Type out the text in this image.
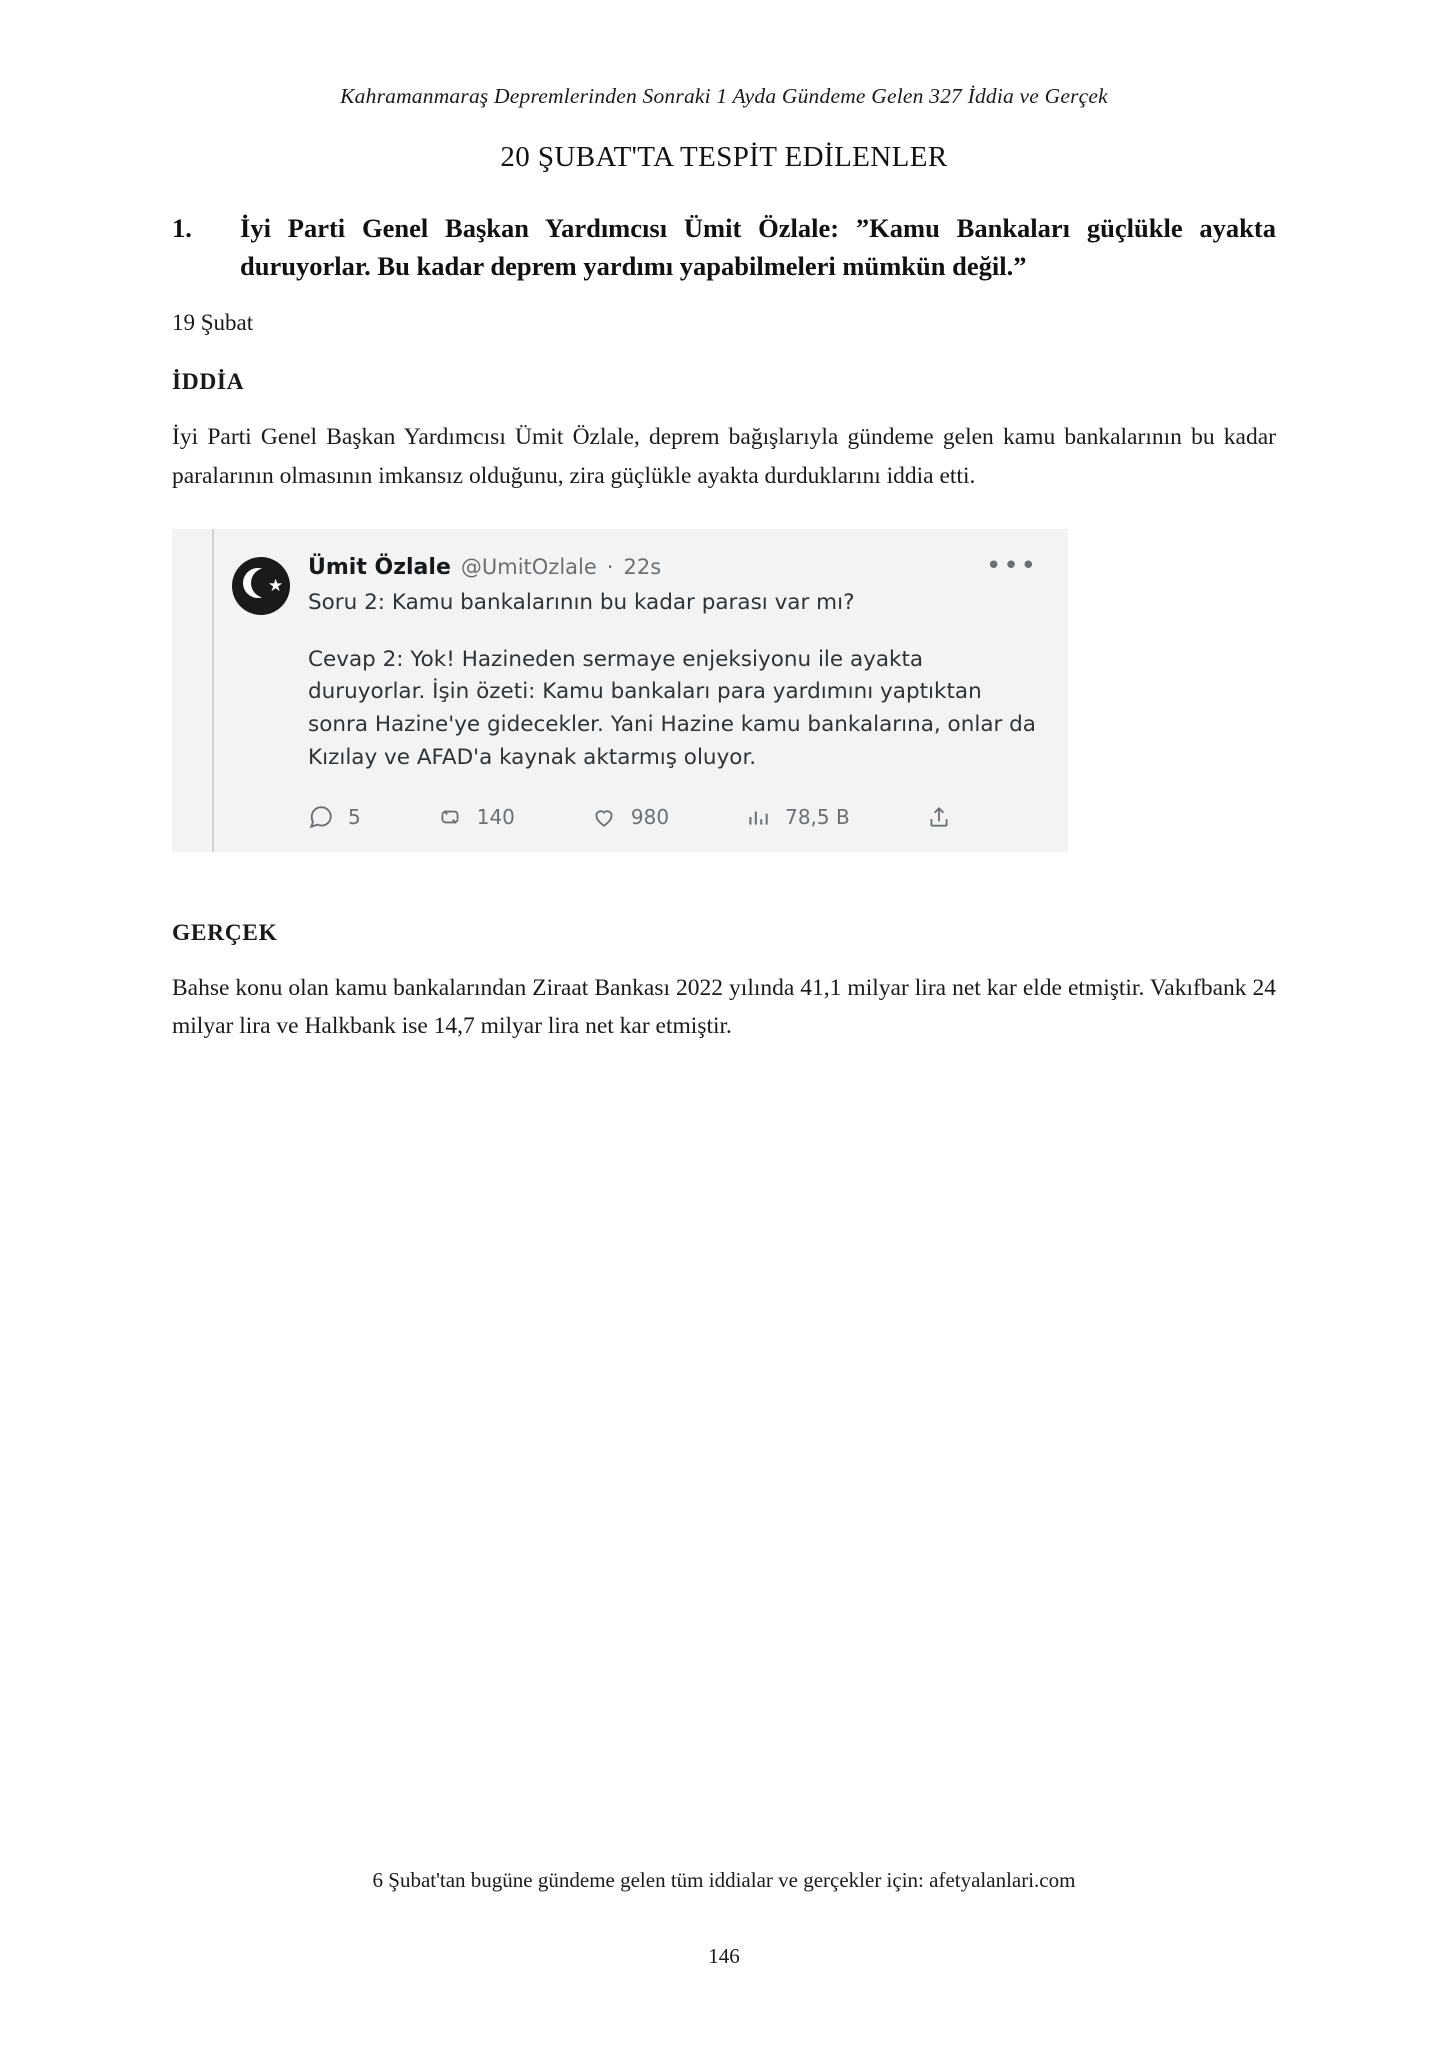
Kahramanmaraş Depremlerinden Sonraki 1 Ayda Gündeme Gelen 327 İddia ve Gerçek
20 ŞUBAT'TA TESPİT EDİLENLER
1.	İyi Parti Genel Başkan Yardımcısı Ümit Özlale: ”Kamu Bankaları güçlükle ayakta duruyorlar. Bu kadar deprem yardımı yapabilmeleri mümkün değil.”
19 Şubat
İDDİA
İyi Parti Genel Başkan Yardımcısı Ümit Özlale, deprem bağışlarıyla gündeme gelen kamu bankalarının bu kadar paralarının olmasının imkansız olduğunu, zira güçlükle ayakta durduklarını iddia etti.
★
Ümit Özlale @UmitOzlale · 22s	•••
Soru 2: Kamu bankalarının bu kadar parası var mı?
Cevap 2: Yok! Hazineden sermaye enjeksiyonu ile ayakta duruyorlar. İşin özeti: Kamu bankaları para yardımını yaptıktan sonra Hazine'ye gidecekler. Yani Hazine kamu bankalarına, onlar da Kızılay ve AFAD'a kaynak aktarmış oluyor.
5	140	980	78,5 B
GERÇEK
Bahse konu olan kamu bankalarından Ziraat Bankası 2022 yılında 41,1 milyar lira net kar elde etmiştir. Vakıfbank 24 milyar lira ve Halkbank ise 14,7 milyar lira net kar etmiştir.
6 Şubat'tan bugüne gündeme gelen tüm iddialar ve gerçekler için: afetyalanlari.com
146
